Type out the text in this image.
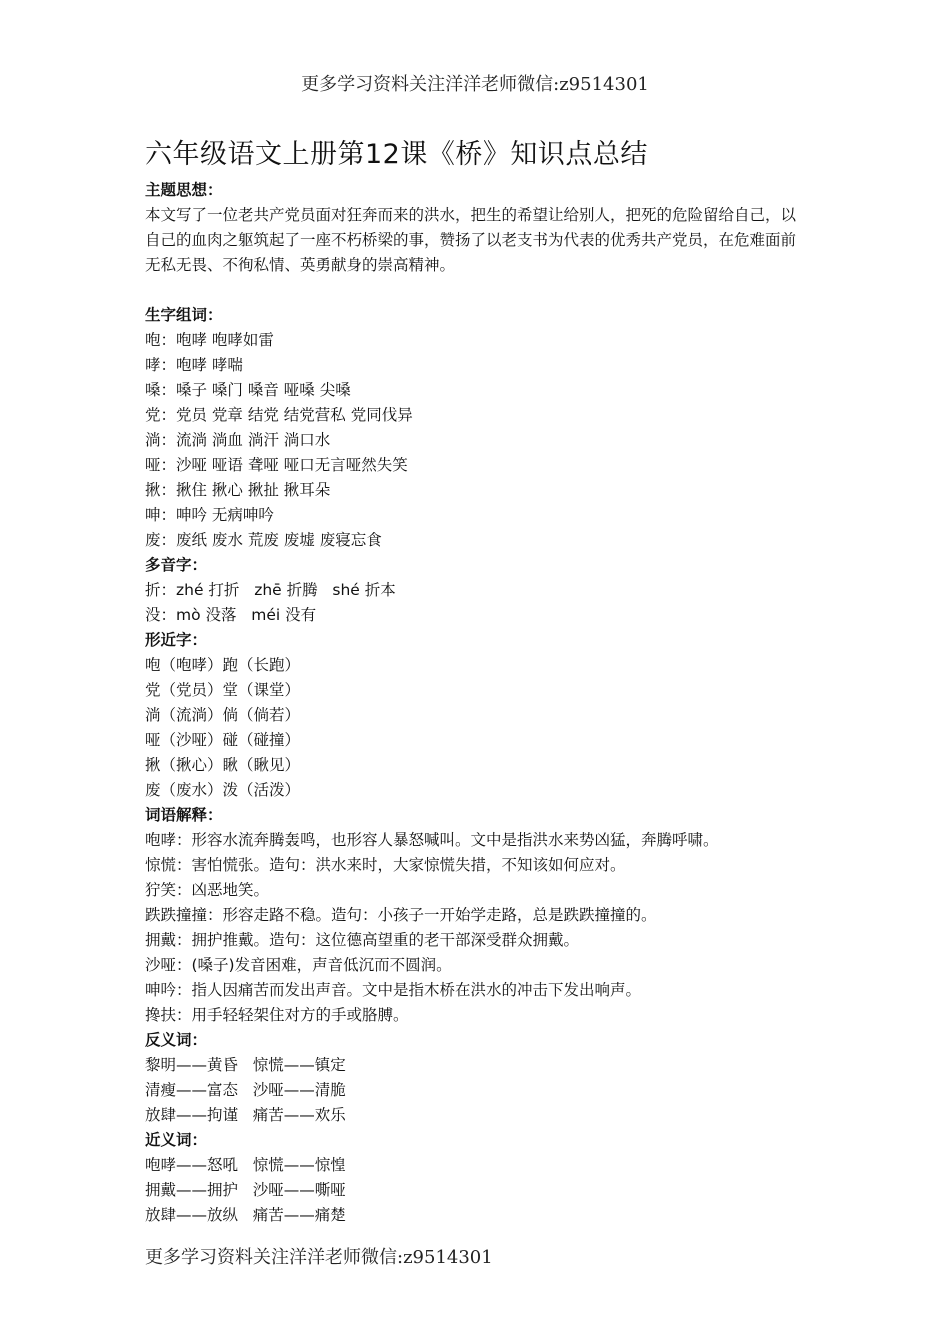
更多学习资料关注洋洋老师微信:z9514301
六年级语文上册第12课《桥》知识点总结
主题思想：
本文写了一位老共产党员面对狂奔而来的洪水，把生的希望让给别人，把死的危险留给自己，以自己的血肉之躯筑起了一座不朽桥梁的事，赞扬了以老支书为代表的优秀共产党员，在危难面前无私无畏、不徇私情、英勇献身的崇高精神。
生字组词：
咆：咆哮 咆哮如雷
哮：咆哮 哮喘
嗓：嗓子 嗓门 嗓音 哑嗓 尖嗓
党：党员 党章 结党 结党营私 党同伐异
淌：流淌 淌血 淌汗 淌口水
哑：沙哑 哑语 聋哑 哑口无言哑然失笑
揪：揪住 揪心 揪扯 揪耳朵
呻：呻吟 无病呻吟
废：废纸 废水 荒废 废墟 废寝忘食
多音字：
折：zhé 打折   zhē 折腾   shé 折本
没：mò 没落   méi 没有
形近字：
咆（咆哮）跑（长跑）
党（党员）堂（课堂）
淌（流淌）倘（倘若）
哑（沙哑）碰（碰撞）
揪（揪心）瞅（瞅见）
废（废水）泼（活泼）
词语解释：
咆哮：形容水流奔腾轰鸣，也形容人暴怒喊叫。文中是指洪水来势凶猛，奔腾呼啸。
惊慌：害怕慌张。造句：洪水来时，大家惊慌失措，不知该如何应对。
狞笑：凶恶地笑。
跌跌撞撞：形容走路不稳。造句：小孩子一开始学走路，总是跌跌撞撞的。
拥戴：拥护推戴。造句：这位德高望重的老干部深受群众拥戴。
沙哑：(嗓子)发音困难，声音低沉而不圆润。
呻吟：指人因痛苦而发出声音。文中是指木桥在洪水的冲击下发出响声。
搀扶：用手轻轻架住对方的手或胳膊。
反义词：
黎明——黄昏   惊慌——镇定
清瘦——富态   沙哑——清脆
放肆——拘谨   痛苦——欢乐
近义词：
咆哮——怒吼   惊慌——惊惶
拥戴——拥护   沙哑——嘶哑
放肆——放纵   痛苦——痛楚
更多学习资料关注洋洋老师微信:z9514301
